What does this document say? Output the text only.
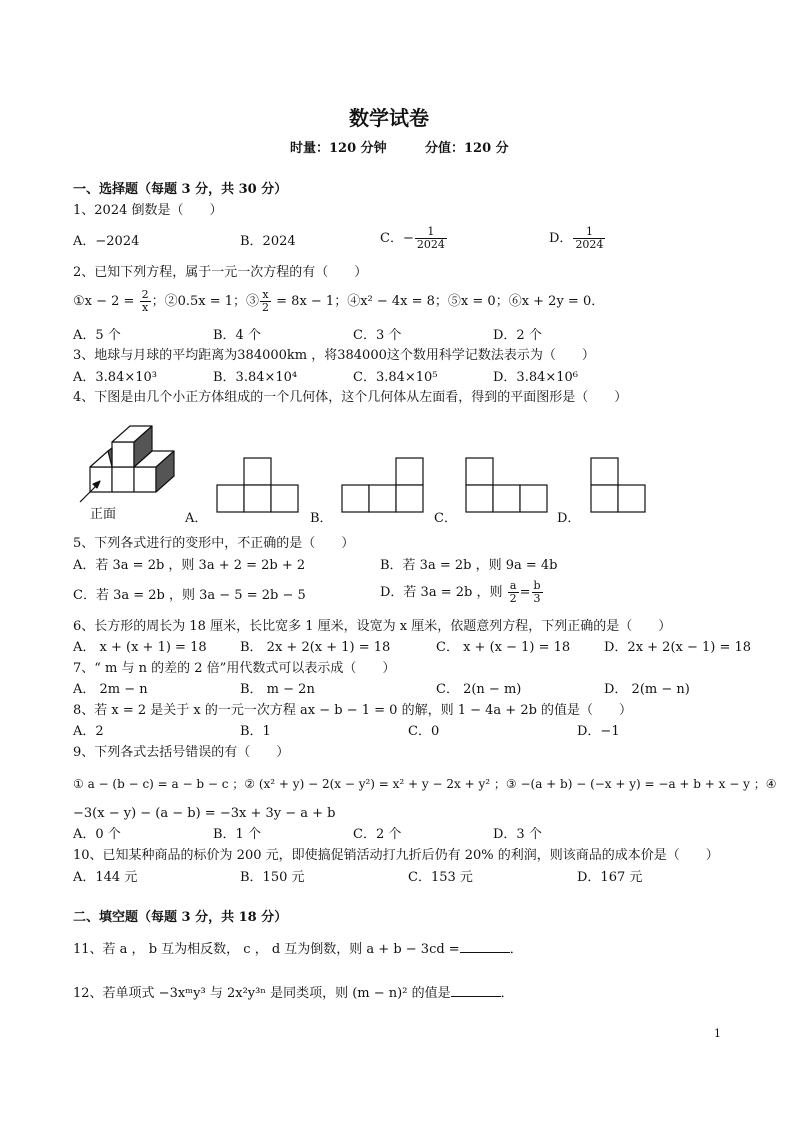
数学试卷
时量：120 分钟	分值：120 分
一、选择题（每题 3 分，共 30 分）
1、2024 倒数是（　　）
A．−2024	B．2024	C．− $\frac{1}{2024}$	D． $\frac{1}{2024}$
2、已知下列方程，属于一元一次方程的有（　　）
①x − $2 = \frac{2}{x}$ ；②0.5x = 1；③ $\frac{x}{2} = 8x - 1$；④x² − 4x = 8；⑤x = 0；⑥x + 2y = 0．
A．5 个	B．4 个	C．3 个	D．2 个
3、地球与月球的平均距离为384000km ，将384000这个数用科学记数法表示为（　　）
A．3.84×10³	B．3.84×10⁴	C．3.84×10⁵	D．3.84×10⁶
4、下图是由几个小正方体组成的一个几何体，这个几何体从左面看，得到的平面图形是（　　）
正面	A．	B．	C．	D．
5、下列各式进行的变形中，不正确的是（　　）
A．若 3a = 2b ，则 3a + 2 = 2b + 2	B．若 3a = 2b ，则 9a = 4b
C．若 3a = 2b ，则 3a − 5 = 2b − 5	D．若 3a = 2b ，则 $\frac{a}{2} = \frac{b}{3}$
6、长方形的周长为 18 厘米，长比宽多 1 厘米，设宽为 x 厘米，依题意列方程，下列正确的是（　　）
A． x + (x + 1) = 18	B． 2x + 2(x + 1) = 18	C． x + (x − 1) = 18	D．2x + 2(x − 1) = 18
7、“ m 与 n 的差的 2 倍”用代数式可以表示成（　　）
A． 2m − n	B． m − 2n	C． 2(n − m)	D． 2(m − n)
8、若 x = 2 是关于 x 的一元一次方程 ax − b − 1 = 0 的解，则 1 − 4a + 2b 的值是（　　）
A．2	B．1	C．0	D．−1
9、下列各式去括号错误的有（　　）
① a − (b − c) = a − b − c ；② (x² + y) − 2(x − y²) = x² + y − 2x + y² ；③ −(a + b) − (−x + y) = −a + b + x − y ；④
−3(x − y) − (a − b) = −3x + 3y − a + b
A．0 个	B．1 个	C．2 个	D．3 个
10、已知某种商品的标价为 200 元，即使搞促销活动打九折后仍有 20% 的利润，则该商品的成本价是（　　）
A．144 元	B．150 元	C．153 元	D．167 元
二、填空题（每题 3 分，共 18 分）
11、若 a ， b 互为相反数， c ， d 互为倒数，则 a + b − 3cd =	．
12、若单项式 −3xᵐy³ 与 2x²y³ⁿ 是同类项，则 (m − n)² 的值是	．
1
